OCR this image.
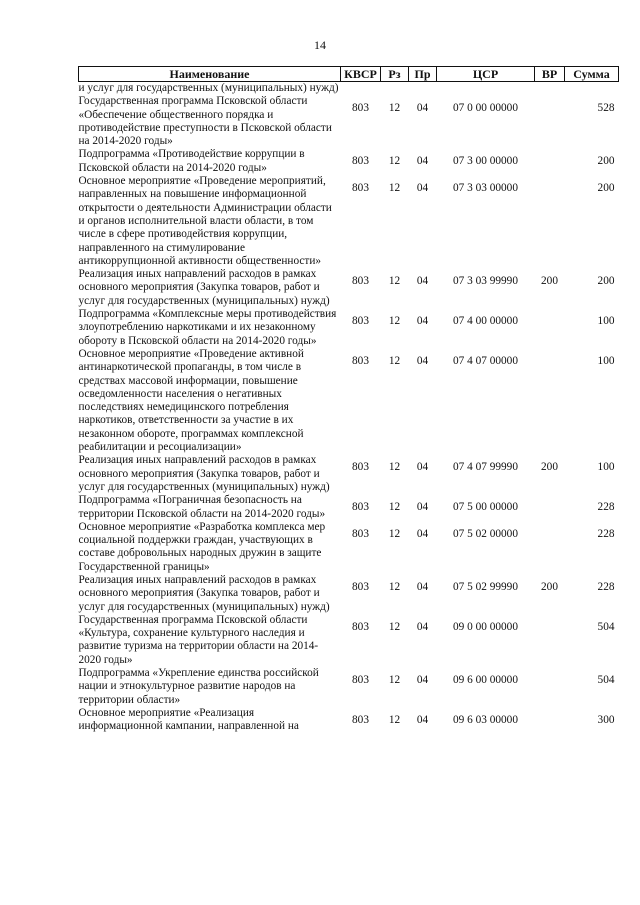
14
Наименование	КВСР	Рз	Пр	ЦСР	ВР	Сумма
и услуг для государственных (муниципальных) нужд)						
Государственная программа Псковской области «Обеспечение общественного порядка и противодействие преступности в Псковской области на 2014-2020 годы»	803	12	04	07 0 00 00000		528
Подпрограмма «Противодействие коррупции в Псковской области на 2014-2020 годы»	803	12	04	07 3 00 00000		200
Основное мероприятие «Проведение мероприятий, направленных на повышение информационной открытости о деятельности Администрации области и органов исполнительной власти области, в том числе в сфере противодействия коррупции, направленного на стимулирование антикоррупционной активности общественности»	803	12	04	07 3 03 00000		200
Реализация иных направлений расходов в рамках основного мероприятия (Закупка товаров, работ и услуг для государственных (муниципальных) нужд)	803	12	04	07 3 03 99990	200	200
Подпрограмма «Комплексные меры противодействия злоупотреблению наркотиками и их незаконному обороту в Псковской области на 2014-2020 годы»	803	12	04	07 4 00 00000		100
Основное мероприятие «Проведение активной антинаркотической пропаганды, в том числе в средствах массовой информации, повышение осведомленности населения о негативных последствиях немедицинского потребления наркотиков, ответственности за участие в их незаконном обороте, программах комплексной реабилитации и ресоциализации»	803	12	04	07 4 07 00000		100
Реализация иных направлений расходов в рамках основного мероприятия (Закупка товаров, работ и услуг для государственных (муниципальных) нужд)	803	12	04	07 4 07 99990	200	100
Подпрограмма «Пограничная безопасность на территории Псковской области на 2014-2020 годы»	803	12	04	07 5 00 00000		228
Основное мероприятие «Разработка комплекса мер социальной поддержки граждан, участвующих в составе добровольных народных дружин в защите Государственной границы»	803	12	04	07 5 02 00000		228
Реализация иных направлений расходов в рамках основного мероприятия (Закупка товаров, работ и услуг для государственных (муниципальных) нужд)	803	12	04	07 5 02 99990	200	228
Государственная программа Псковской области «Культура, сохранение культурного наследия и развитие туризма на территории области на 2014-2020 годы»	803	12	04	09 0 00 00000		504
Подпрограмма «Укрепление единства российской нации и этнокультурное развитие народов на территории области»	803	12	04	09 6 00 00000		504
Основное мероприятие «Реализация информационной кампании, направленной на	803	12	04	09 6 03 00000		300
